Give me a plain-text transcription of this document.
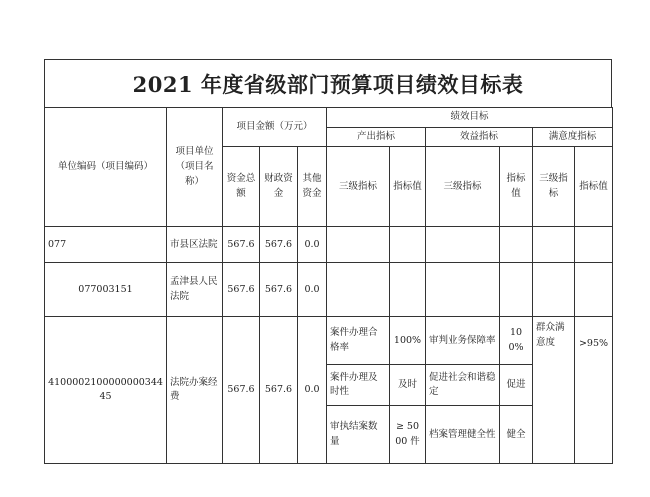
2021 年度省级部门预算项目绩效目标表
单位编码（项目编码）	项目单位（项目名称）	项目金额（万元）			绩效目标					
					产出指标		效益指标		满意度指标	
		资金总额	财政资金	其他资金	三级指标	指标值	三级指标	指标值	三级指标	指标值
077	市县区法院	567.6	567.6	0.0						
077003151	孟津县人民法院	567.6	567.6	0.0						
410000210000000034445	法院办案经费	567.6	567.6	0.0	案件办理合格率	100%	审判业务保障率	100%	群众满意度	>95%
					案件办理及时性	及时	促进社会和谐稳定	促进		
					审执结案数量	≥ 5000 件	档案管理健全性	健全		
